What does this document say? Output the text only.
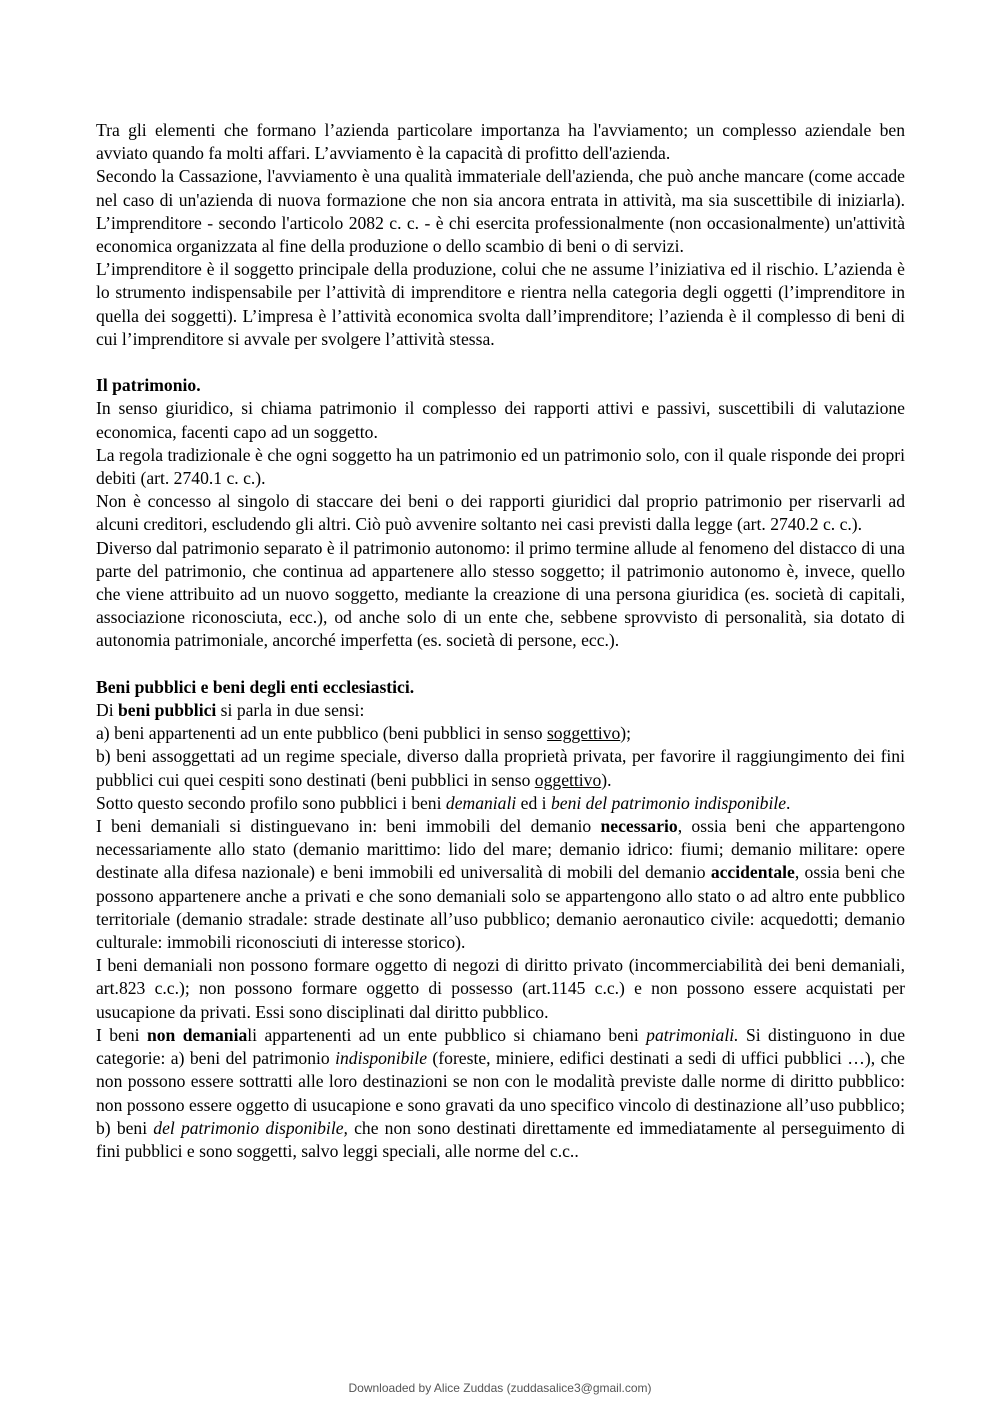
Tra gli elementi che formano l’azienda particolare importanza ha l'avviamento; un complesso aziendale ben avviato quando fa molti affari. L’avviamento è la capacità di profitto dell'azienda.

Secondo la Cassazione, l'avviamento è una qualità immateriale dell'azienda, che può anche mancare (come accade nel caso di un'azienda di nuova formazione che non sia ancora entrata in attività, ma sia suscettibile di iniziarla). L’imprenditore - secondo l'articolo 2082 c. c. - è chi esercita professionalmente (non occasionalmente) un'attività economica organizzata al fine della produzione o dello scambio di beni o di servizi.

L’imprenditore è il soggetto principale della produzione, colui che ne assume l’iniziativa ed il rischio. L’azienda è lo strumento indispensabile per l’attività di imprenditore e rientra nella categoria degli oggetti (l’imprenditore in quella dei soggetti). L’impresa è l’attività economica svolta dall’imprenditore; l’azienda è il complesso di beni di cui l’imprenditore si avvale per svolgere l’attività stessa.

Il patrimonio.

In senso giuridico, si chiama patrimonio il complesso dei rapporti attivi e passivi, suscettibili di valutazione economica, facenti capo ad un soggetto.

La regola tradizionale è che ogni soggetto ha un patrimonio ed un patrimonio solo, con il quale risponde dei propri debiti (art. 2740.1 c. c.).

Non è concesso al singolo di staccare dei beni o dei rapporti giuridici dal proprio patrimonio per riservarli ad alcuni creditori, escludendo gli altri. Ciò può avvenire soltanto nei casi previsti dalla legge (art. 2740.2 c. c.).

Diverso dal patrimonio separato è il patrimonio autonomo: il primo termine allude al fenomeno del distacco di una parte del patrimonio, che continua ad appartenere allo stesso soggetto; il patrimonio autonomo è, invece, quello che viene attribuito ad un nuovo soggetto, mediante la creazione di una persona giuridica (es. società di capitali, associazione riconosciuta, ecc.), od anche solo di un ente che, sebbene sprovvisto di personalità, sia dotato di autonomia patrimoniale, ancorché imperfetta (es. società di persone, ecc.).

Beni pubblici e beni degli enti ecclesiastici.

Di beni pubblici si parla in due sensi:

a) beni appartenenti ad un ente pubblico (beni pubblici in senso soggettivo);

b) beni assoggettati ad un regime speciale, diverso dalla proprietà privata, per favorire il raggiungimento dei fini pubblici cui quei cespiti sono destinati (beni pubblici in senso oggettivo).

Sotto questo secondo profilo sono pubblici i beni demaniali ed i beni del patrimonio indisponibile.

I beni demaniali si distinguevano in: beni immobili del demanio necessario, ossia beni che appartengono necessariamente allo stato (demanio marittimo: lido del mare; demanio idrico: fiumi; demanio militare: opere destinate alla difesa nazionale) e beni immobili ed universalità di mobili del demanio accidentale, ossia beni che possono appartenere anche a privati e che sono demaniali solo se appartengono allo stato o ad altro ente pubblico territoriale (demanio stradale: strade destinate all’uso pubblico; demanio aeronautico civile: acquedotti; demanio culturale: immobili riconosciuti di interesse storico).

I beni demaniali non possono formare oggetto di negozi di diritto privato (incommerciabilità dei beni demaniali, art.823 c.c.); non possono formare oggetto di possesso (art.1145 c.c.) e non possono essere acquistati per usucapione da privati. Essi sono disciplinati dal diritto pubblico.

I beni non demaniali appartenenti ad un ente pubblico si chiamano beni patrimoniali. Si distinguono in due categorie: a) beni del patrimonio indisponibile (foreste, miniere, edifici destinati a sedi di uffici pubblici …), che non possono essere sottratti alle loro destinazioni se non con le modalità previste dalle norme di diritto pubblico: non possono essere oggetto di usucapione e sono gravati da uno specifico vincolo di destinazione all’uso pubblico; b) beni del patrimonio disponibile, che non sono destinati direttamente ed immediatamente al perseguimento di fini pubblici e sono soggetti, salvo leggi speciali, alle norme del c.c..

Downloaded by Alice Zuddas (zuddasalice3@gmail.com)
